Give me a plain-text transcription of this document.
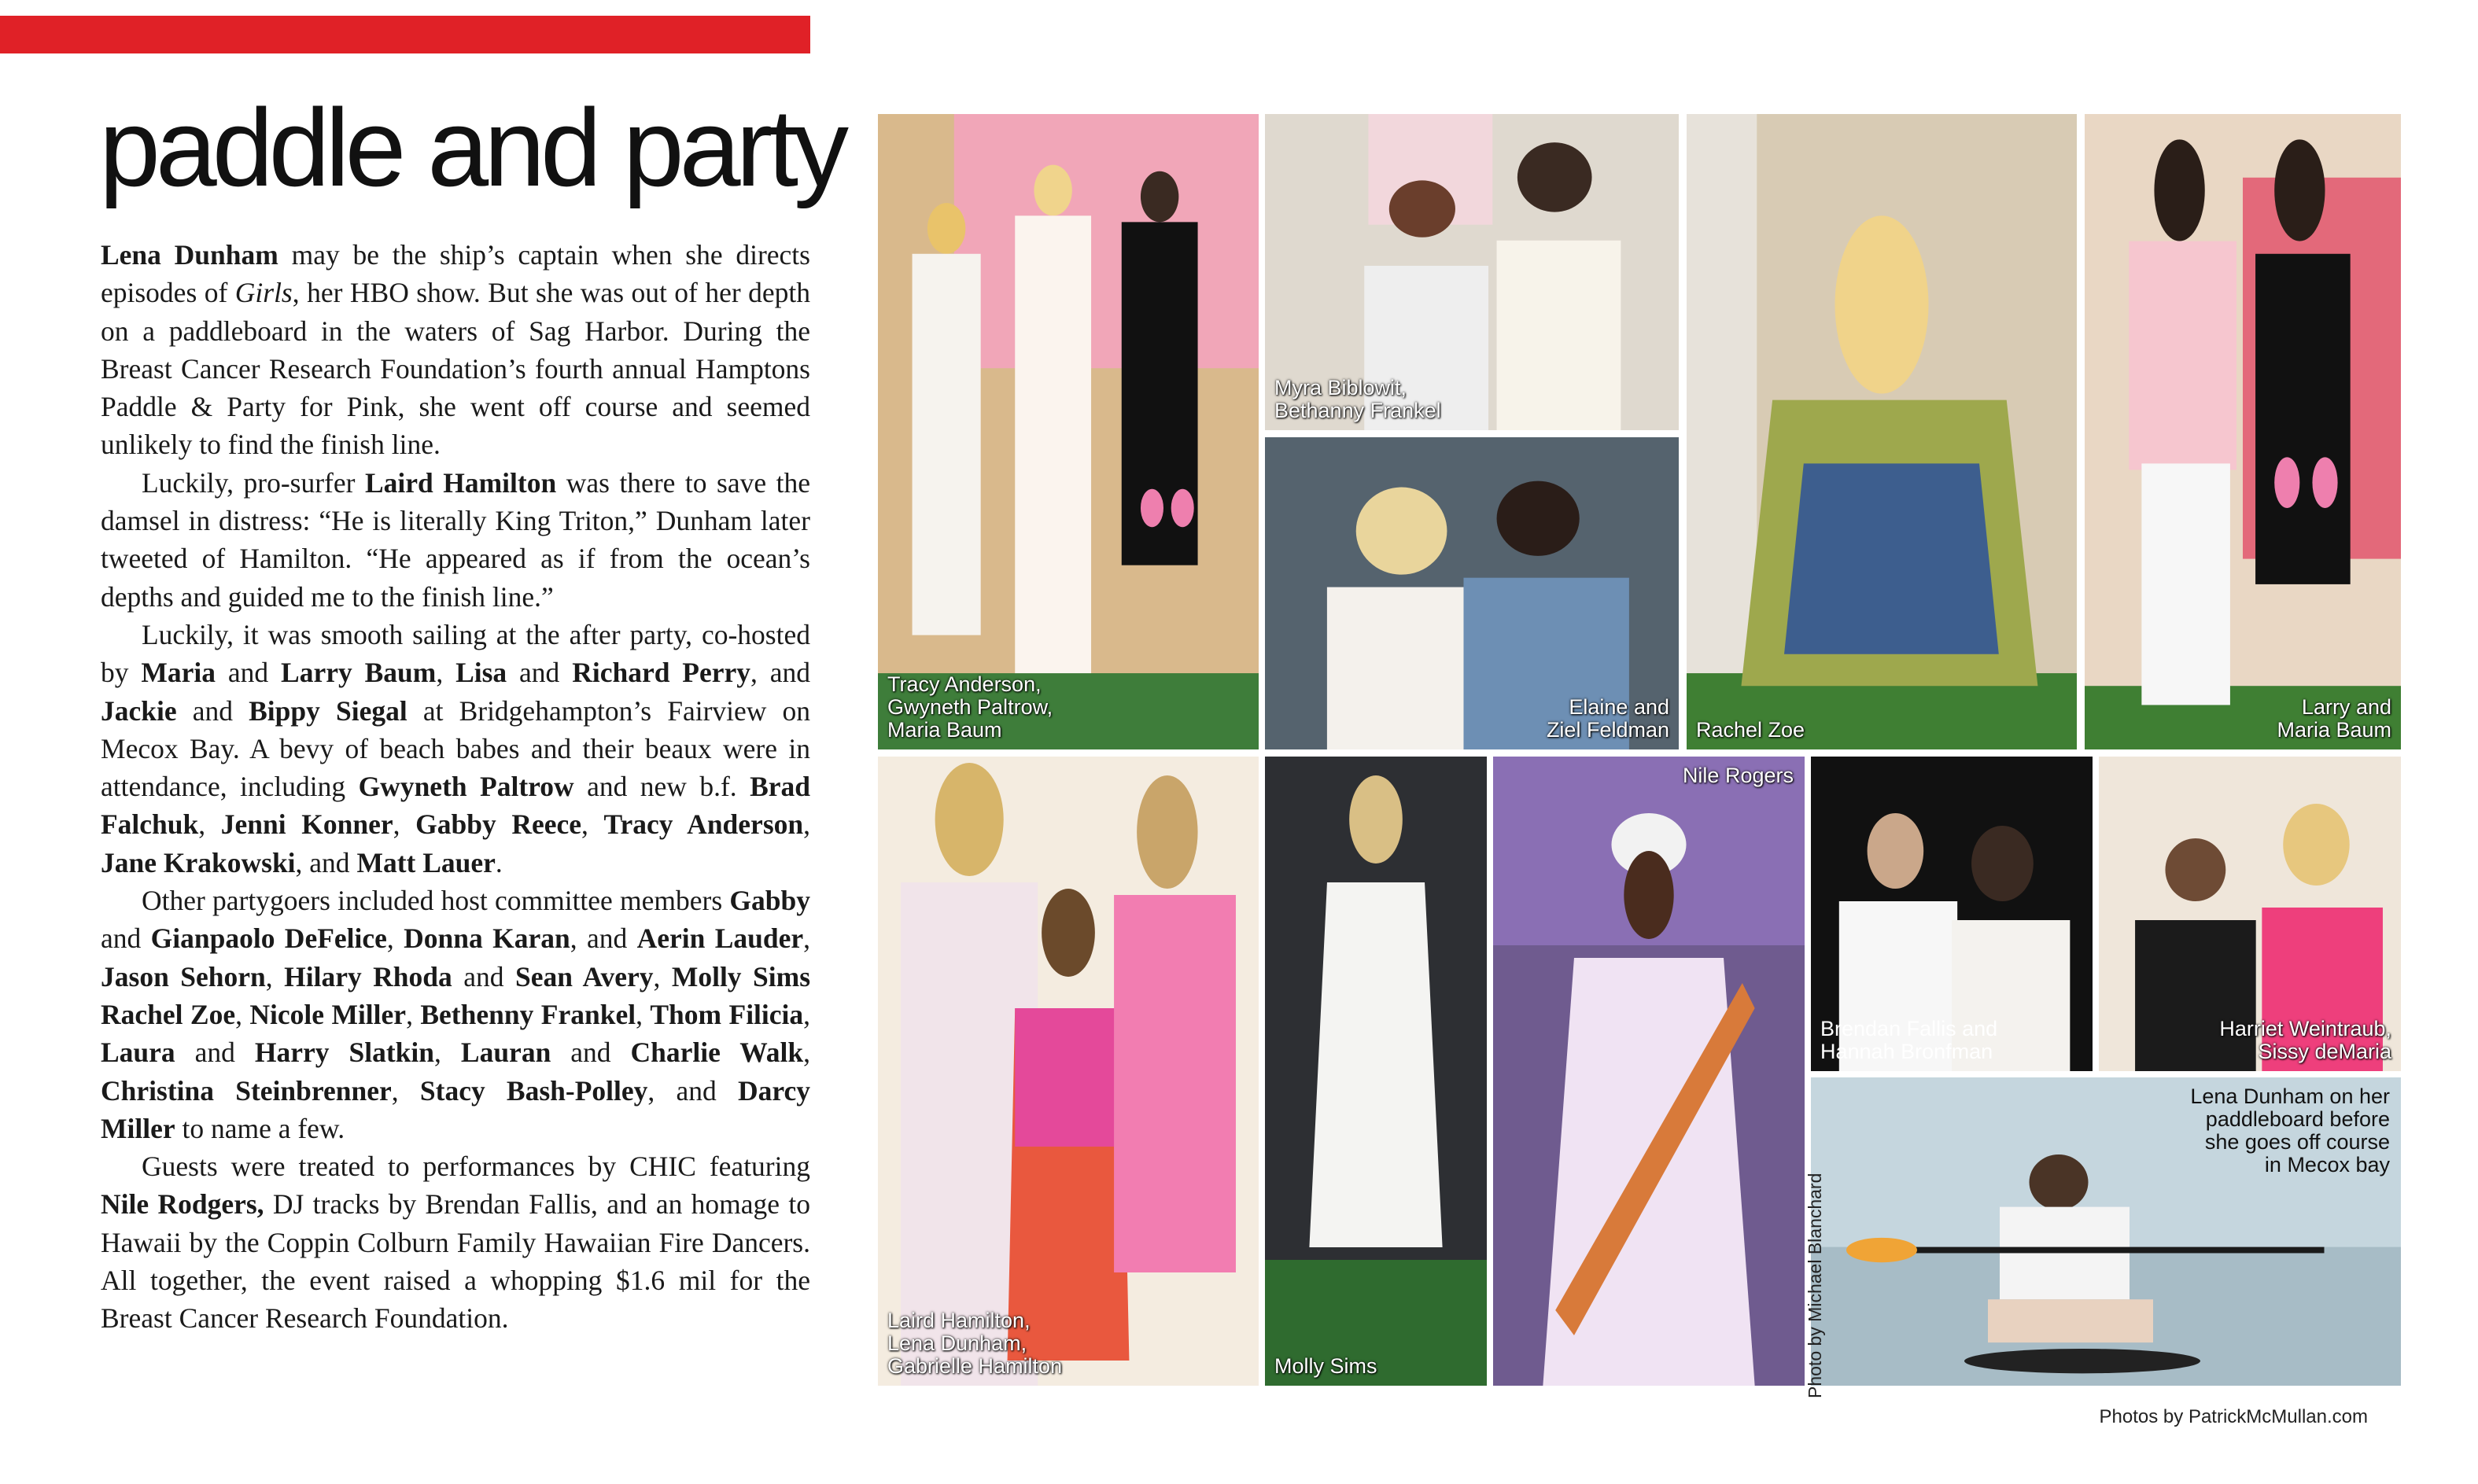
paddle and party

Lena Dunham may be the ship’s captain when she directs episodes of Girls, her HBO show. But she was out of her depth on a paddleboard in the waters of Sag Harbor. During the Breast Cancer Research Foundation’s fourth annual Hamptons Paddle & Party for Pink, she went off course and seemed unlikely to find the finish line.

Luckily, pro-surfer Laird Hamilton was there to save the damsel in distress: “He is literally King Triton,” Dunham later tweeted of Hamilton. “He appeared as if from the ocean’s depths and guided me to the finish line.”

Luckily, it was smooth sailing at the after party, co-hosted by Maria and Larry Baum, Lisa and Richard Perry, and Jackie and Bippy Siegal at Bridgehampton’s Fairview on Mecox Bay. A bevy of beach babes and their beaux were in attendance, including Gwyneth Paltrow and new b.f. Brad Falchuk, Jenni Konner, Gabby Reece, Tracy Anderson, Jane Krakowski, and Matt Lauer.

Other partygoers included host committee members Gabby and Gianpaolo DeFelice, Donna Karan, and Aerin Lauder, Jason Sehorn, Hilary Rhoda and Sean Avery, Molly Sims Rachel Zoe, Nicole Miller, Bethenny Frankel, Thom Filicia, Laura and Harry Slatkin, Lauran and Charlie Walk, Christina Steinbrenner, Stacy Bash-Polley, and Darcy Miller to name a few.

Guests were treated to performances by CHIC featuring Nile Rodgers, DJ tracks by Brendan Fallis, and an homage to Hawaii by the Coppin Colburn Family Hawaiian Fire Dancers. All together, the event raised a whopping $1.6 mil for the Breast Cancer Research Foundation.

Tracy Anderson,
Gwyneth Paltrow,
Maria Baum
Myra Biblowit,
Bethanny Frankel
Elaine and
Ziel Feldman Rachel Zoe
Larry and
Maria Baum
Laird Hamilton,
Lena Dunham,
Gabrielle Hamilton	Molly Sims
Nile Rogers
Brendan Fallis and
Hannah Bronfman
Harriet Weintraub,
Sissy deMaria
Lena Dunham on her
paddleboard before
she goes off course
in Mecox bay
Photo by Michael Blanchard
Photos by PatrickMcMullan.com
